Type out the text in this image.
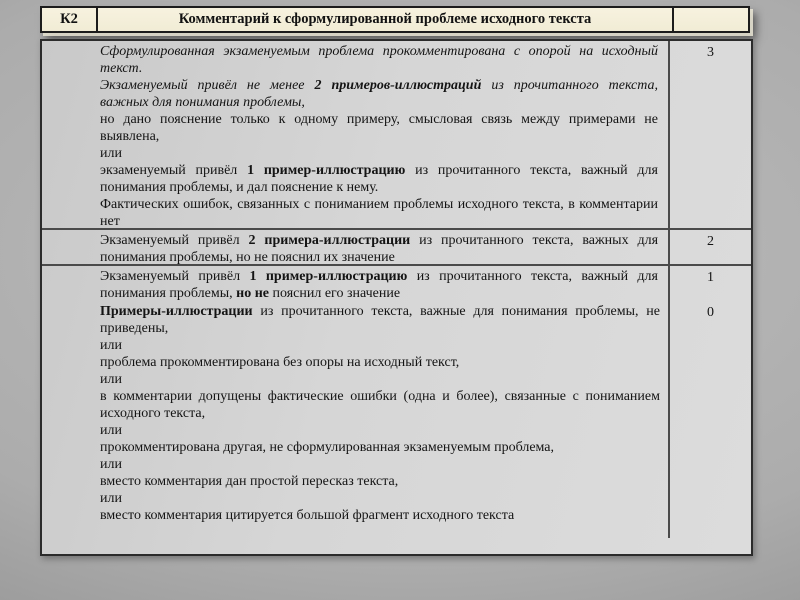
К2	Комментарий к сформулированной проблеме исходного текста
Сформулированная экзаменуемым проблема прокомментирована с опорой на исходный текст.
Экзаменуемый привёл не менее 2 примеров-иллюстраций из прочитанного текста, важных для понимания проблемы,
но дано пояснение только к одному примеру, смысловая связь между примерами не выявлена,
или
экзаменуемый привёл 1 пример-иллюстрацию из прочитанного текста, важный для понимания проблемы, и дал пояснение к нему.
Фактических ошибок, связанных с пониманием проблемы исходного текста, в комментарии нет
3
Экзаменуемый привёл 2 примера-иллюстрации из прочитанного текста, важных для понимания проблемы, но не пояснил их значение
2
Экзаменуемый привёл 1 пример-иллюстрацию из прочитанного текста, важный для понимания проблемы, но не пояснил его значение
1
Примеры-иллюстрации из прочитанного текста, важные для понимания проблемы, не приведены,
или
проблема прокомментирована без опоры на исходный текст,
или
в комментарии допущены фактические ошибки (одна и более), связанные с пониманием исходного текста,
или
прокомментирована другая, не сформулированная экзаменуемым проблема,
или
вместо комментария дан простой пересказ текста,
или
вместо комментария цитируется большой фрагмент исходного текста
0
